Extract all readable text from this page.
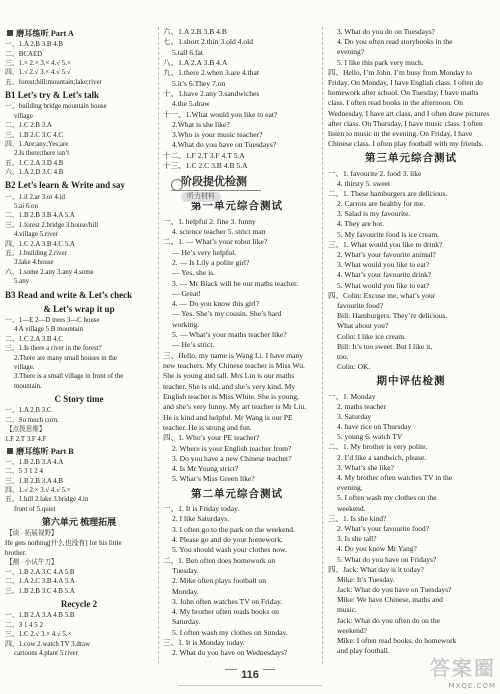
磨耳练听 Part A
一、1.A 2.B 3.B 4.B
二、BCAED
三、1.× 2.× 3.× 4.√ 5.×
四、1.√ 2.√ 3.× 4.√ 5.√
五、forest;hill;mountain;lake;river
B1 Let’s try & Let’s talk
一、building bridge mountain house
village
二、1.C 2.B 3.A
三、1.B 2.C 3.C 4.C
四、1.Are;any;Yes;are
2.Is there;there isn’t
五、1.C 2.A 3.D 4.B
六、1.A 2.D 3.C 4.B
B2 Let’s learn & Write and say
一、1.il 2.ar 3.or 4.id
5.ai 6.ou
二、1.B 2.B 3.B 4.A 5.A
三、1.forest 2.bridge 3.house/hill
4.village 5.river
四、1.C 2.A 3.B 4.C 5.A
五、1.building 2.river
3.lake 4.house
六、1.some 2.any 3.any 4.some
5.any
B3 Read and write & Let’s check
& Let’s wrap it up
一、1—E 2—D trees 3—C house
4 A village 5 B mountain
二、1.C 2.A 3.B 4.C
三、1.Is there a river in the forest?
2.There are many small houses in the
village.
3.There is a small village in front of the
mountain.
C Story time
一、1.A 2.B 3.C
二、So much corn.
【点拨思维】
1.F 2.T 3.F 4.F
磨耳练听 Part B
一、1.B 2.B 3.A 4.A
二、5 3 1 2 4
三、1.B 2.B 3.A 4.B
四、1.√ 2.× 3.√ 4.√ 5.×
五、1.hill 2.lake 3.bridge 4.in
front of 5.quiet
第六单元 梳理拓展
【读 · 拓展视野】
He gets nothing[什么也没有] for his little
brother.
【测 · 小试牛刀】
一、1.B 2.A 3.C 4.A 5.B
二、1.A 2.C 3.B 4.A 5.A
三、1.B 2.B 3.C 4.B 5.A
Recycle 2
一、1.B 2.A 3.A 4.B 5.B
二、3 1 4 5 2
三、1.C 2.√ 3.× 4.√ 5.×
四、1.cow 2.watch TV 3.draw
cartoons 4.plant 5.river
六、1.A 2.B 3.B 4.B
七、1.short 2.thin 3.old 4.old
5.tall 6.fat
八、1.A 2.A 3.B 4.A
九、1.there 2.when 3.are 4.that
5.it’s 6.They 7.on
十、1.have 2.any 3.sandwiches
4.the 5.draw
十一、1.What would you like to eat?
2.What is she like?
3.Who is your music teacher?
4.What do you have on Tuesdays?
十二、1.F 2.T 3.F 4.T 5.A
十三、1.C 2.C 3.B 4.B 5.A
阶段提优检测
听力材料
第一单元综合测试
一、1. helpful 2. fine 3. funny
4. science teacher 5. strict man
二、1. — What’s your robot like?
— He’s very helpful.
2. — Is Lily a polite girl?
— Yes, she is.
3. — Mr Black will be our maths teacher.
— Great!
4. — Do you know this girl?
— Yes. She’s my cousin. She’s hard
working.
5. — What’s your maths teacher like?
— He’s strict.
三、Hello, my name is Wang Li. I have many new teachers. My Chinese teacher is Miss Wu. She is young and tall. Mrs Lin is our maths teacher. She is old, and she’s very kind. My English teacher is Miss White. She is young, and she’s very funny. My art teacher is Mr Liu. He is kind and helpful. Mr Wang is our PE teacher. He is strong and fun.
四、1. Who’s your PE teacher?
2. Where is your English teacher from?
3. Do you have a new Chinese teacher?
4. Is Mr Young strict?
5. What’s Miss Green like?
第二单元综合测试
一、1. It is Friday today.
2. I like Saturdays.
3. I often go to the park on the weekend.
4. Please go and do your homework.
5. You should wash your clothes now.
二、1. Ben often does homework on
Tuesday.
2. Mike often plays football on
Monday.
3. John often watches TV on Friday.
4. My brother often reads books on
Saturday.
5. I often wash my clothes on Sunday.
三、1. It is Monday today.
2. What do you have on Wednesdays?
3. What do you do on Tuesdays?
4. Do you often read storybooks in the
evening?
5. I like this park very much.
四、Hello, I’m John. I’m busy from Monday to Friday. On Monday, I have English class. I often do homework after school. On Tuesday, I have maths class. I often read books in the afternoon. On Wednesday, I have art class, and I often draw pictures after class. On Thursday, I have music class. I often listen to music in the evening. On Friday, I have Chinese class. I often play football with my friends.
第三单元综合测试
一、1. favourite 2. food 3. like
4. thirsty 5. sweet
二、1. These hamburgers are delicious.
2. Carrots are healthy for me.
3. Salad is my favourite.
4. They are hot.
5. My favourite food is ice cream.
三、1. What would you like to drink?
2. What’s your favourite animal?
3. What would you like to eat?
4. What’s your favourite drink?
5. What would you like to eat?
四、Colin: Excuse me, what’s your
favourite food?
Bill: Hamburgers. They’re delicious.
What about you?
Colin: I like ice cream.
Bill: It’s too sweet. But I like it,
too.
Colin: OK.
期中评估检测
一、1. Monday
2. maths teacher
3. Saturday
4. have rice on Thursday
5. young 6. watch TV
二、1. My brother is very polite.
2. I’d like a sandwich, please.
3. What’s she like?
4. My brother often watches TV in the
evening.
5. I often wash my clothes on the
weekend.
三、1. Is she kind?
2. What’s your favourite food?
3. Is she tall?
4. Do you know Mr Yang?
5. What do you have on Fridays?
四、Jack: What day is it today?
Mike: It’s Tuesday.
Jack: What do you have on Tuesdays?
Mike: We have Chinese, maths and
music.
Jack: What do you often do on the
weekend?
Mike: I often read books, do homework
and play football.
116	答案圈
MXQE.COM
